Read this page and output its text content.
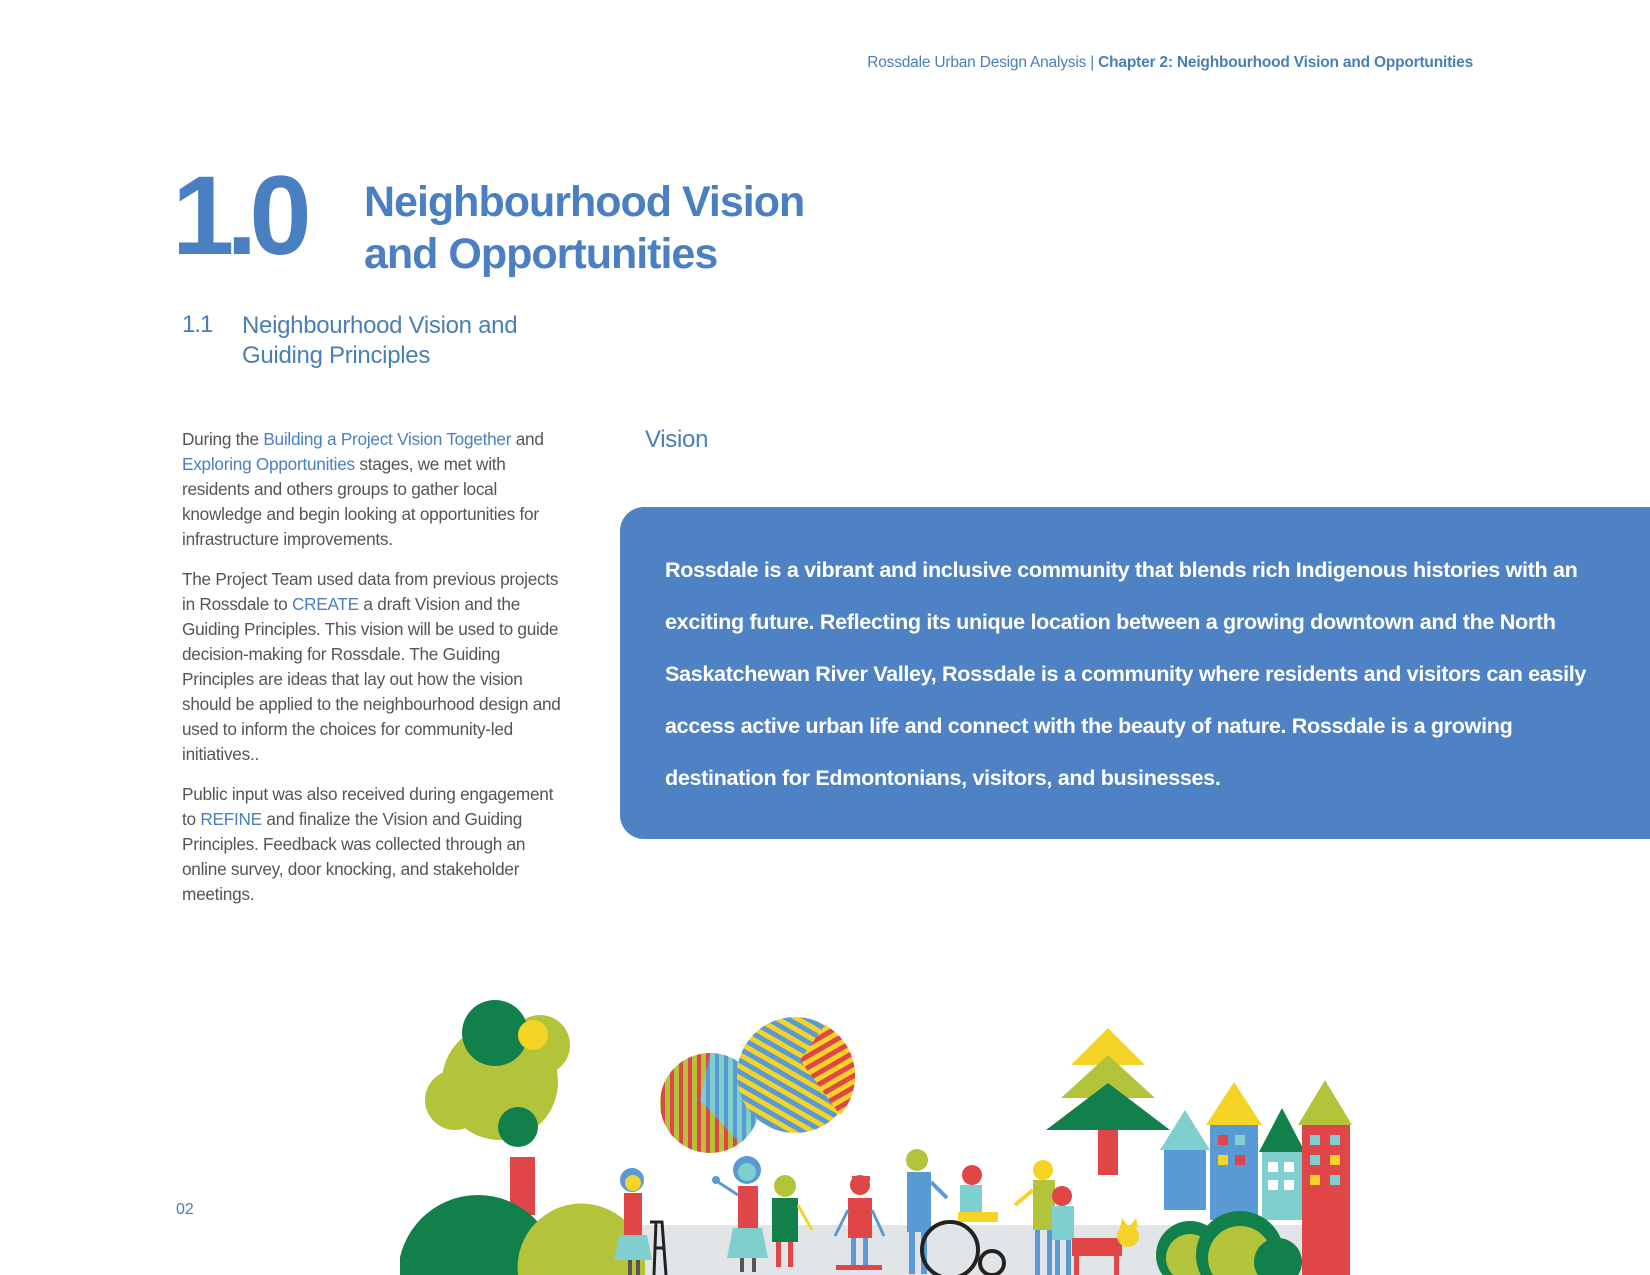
Rossdale Urban Design Analysis | Chapter 2: Neighbourhood Vision and Opportunities
1.0 Neighbourhood Vision
and Opportunities
1.1 Neighbourhood Vision and
Guiding Principles

During the Building a Project Vision Together and Exploring Opportunities stages, we met with residents and others groups to gather local knowledge and begin looking at opportunities for infrastructure improvements.

The Project Team used data from previous projects in Rossdale to CREATE a draft Vision and the Guiding Principles. This vision will be used to guide decision-making for Rossdale. The Guiding Principles are ideas that lay out how the vision should be applied to the neighbourhood design and used to inform the choices for community-led initiatives..

Public input was also received during engagement to REFINE and finalize the Vision and Guiding Principles. Feedback was collected through an online survey, door knocking, and stakeholder meetings.

Vision
Rossdale is a vibrant and inclusive community that blends rich Indigenous histories with an exciting future. Reflecting its unique location between a growing downtown and the North Saskatchewan River Valley, Rossdale is a community where residents and visitors can easily access active urban life and connect with the beauty of nature. Rossdale is a growing destination for Edmontonians, visitors, and businesses.
02
